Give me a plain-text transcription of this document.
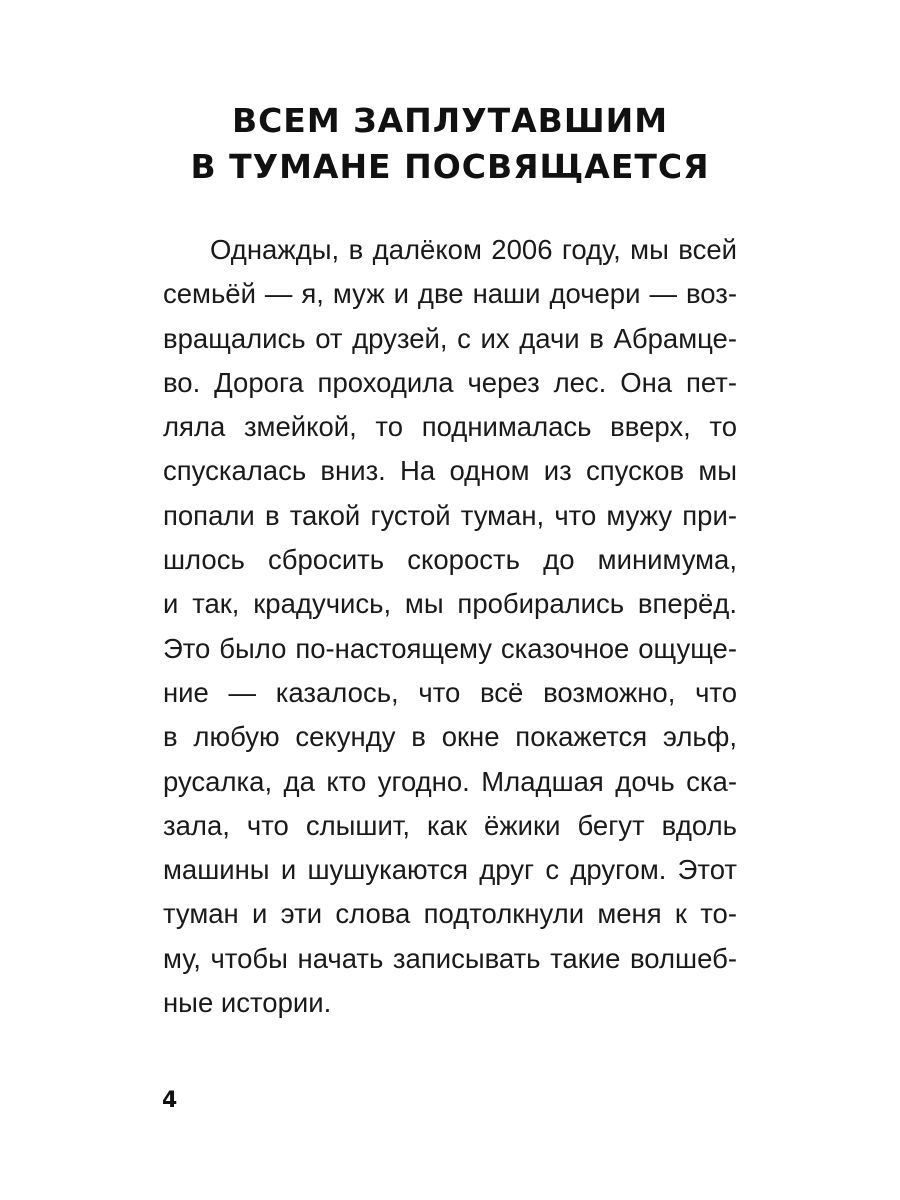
ВСЕМ ЗАПЛУТАВШИМ
В ТУМАНЕ ПОСВЯЩАЕТСЯ
Однажды, в далёком 2006 году, мы всей
семьёй — я, муж и две наши дочери — воз-
вращались от друзей, с их дачи в Абрамце-
во. Дорога проходила через лес. Она пет-
ляла змейкой, то поднималась вверх, то
спускалась вниз. На одном из спусков мы
попали в такой густой туман, что мужу при-
шлось сбросить скорость до минимума,
и так, крадучись, мы пробирались вперёд.
Это было по-настоящему сказочное ощуще-
ние — казалось, что всё возможно, что
в любую секунду в окне покажется эльф,
русалка, да кто угодно. Младшая дочь ска-
зала, что слышит, как ёжики бегут вдоль
машины и шушукаются друг с другом. Этот
туман и эти слова подтолкнули меня к то-
му, чтобы начать записывать такие волшеб-
ные истории.
4
